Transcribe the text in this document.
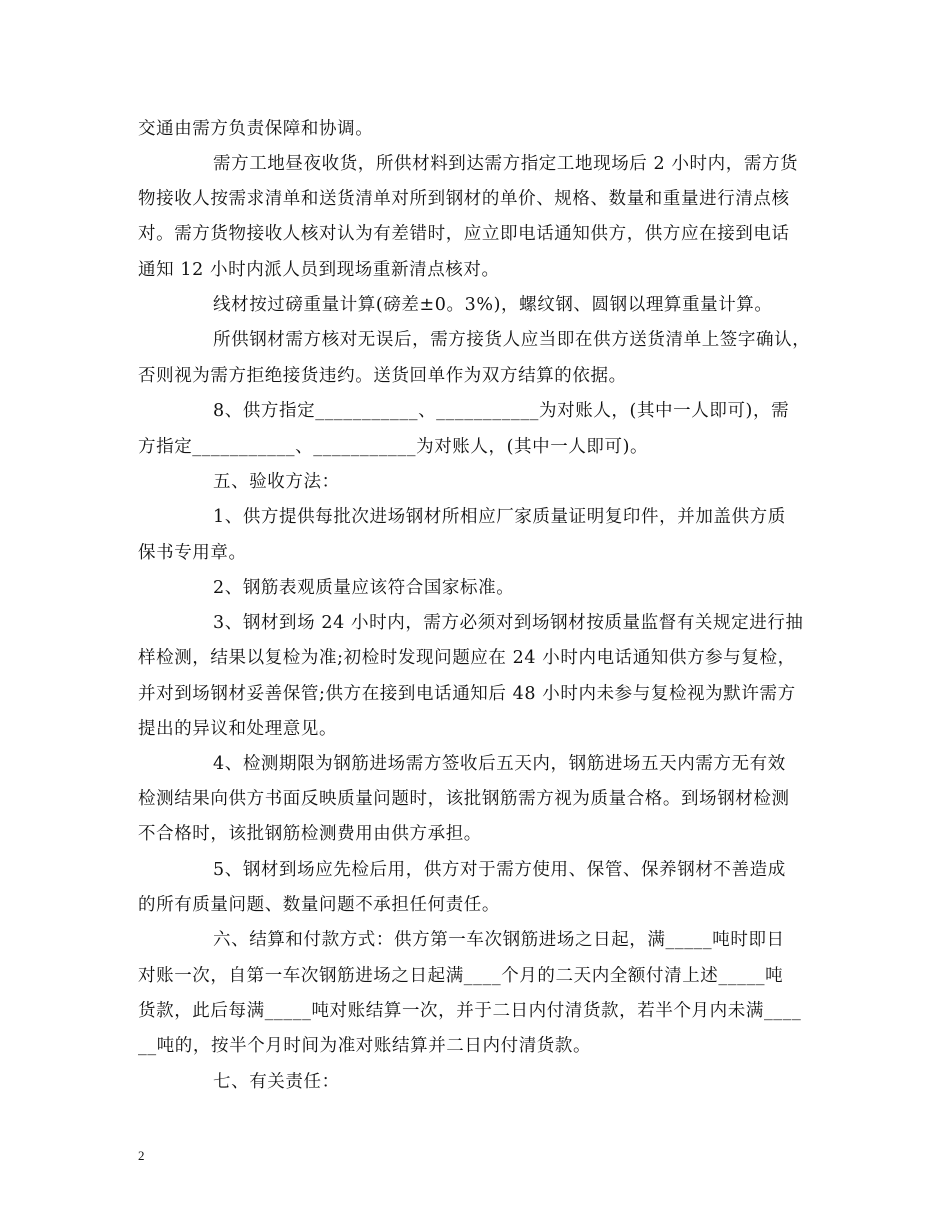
交通由需方负责保障和协调。
需方工地昼夜收货，所供材料到达需方指定工地现场后 2 小时内，需方货
物接收人按需求清单和送货清单对所到钢材的单价、规格、数量和重量进行清点核
对。需方货物接收人核对认为有差错时，应立即电话通知供方，供方应在接到电话
通知 12 小时内派人员到现场重新清点核对。
线材按过磅重量计算(磅差±0。3%)，螺纹钢、圆钢以理算重量计算。
所供钢材需方核对无误后，需方接货人应当即在供方送货清单上签字确认，
否则视为需方拒绝接货违约。送货回单作为双方结算的依据。
8、供方指定___________、___________为对账人，(其中一人即可)，需
方指定___________、___________为对账人，(其中一人即可)。
五、验收方法：
1、供方提供每批次进场钢材所相应厂家质量证明复印件，并加盖供方质
保书专用章。
2、钢筋表观质量应该符合国家标准。
3、钢材到场 24 小时内，需方必须对到场钢材按质量监督有关规定进行抽
样检测，结果以复检为准;初检时发现问题应在 24 小时内电话通知供方参与复检，
并对到场钢材妥善保管;供方在接到电话通知后 48 小时内未参与复检视为默许需方
提出的异议和处理意见。
4、检测期限为钢筋进场需方签收后五天内，钢筋进场五天内需方无有效
检测结果向供方书面反映质量问题时，该批钢筋需方视为质量合格。到场钢材检测
不合格时，该批钢筋检测费用由供方承担。
5、钢材到场应先检后用，供方对于需方使用、保管、保养钢材不善造成
的所有质量问题、数量问题不承担任何责任。
六、结算和付款方式：供方第一车次钢筋进场之日起，满_____吨时即日
对账一次，自第一车次钢筋进场之日起满____个月的二天内全额付清上述_____吨
货款，此后每满_____吨对账结算一次，并于二日内付清货款，若半个月内未满____
__吨的，按半个月时间为准对账结算并二日内付清货款。
七、有关责任：
2
